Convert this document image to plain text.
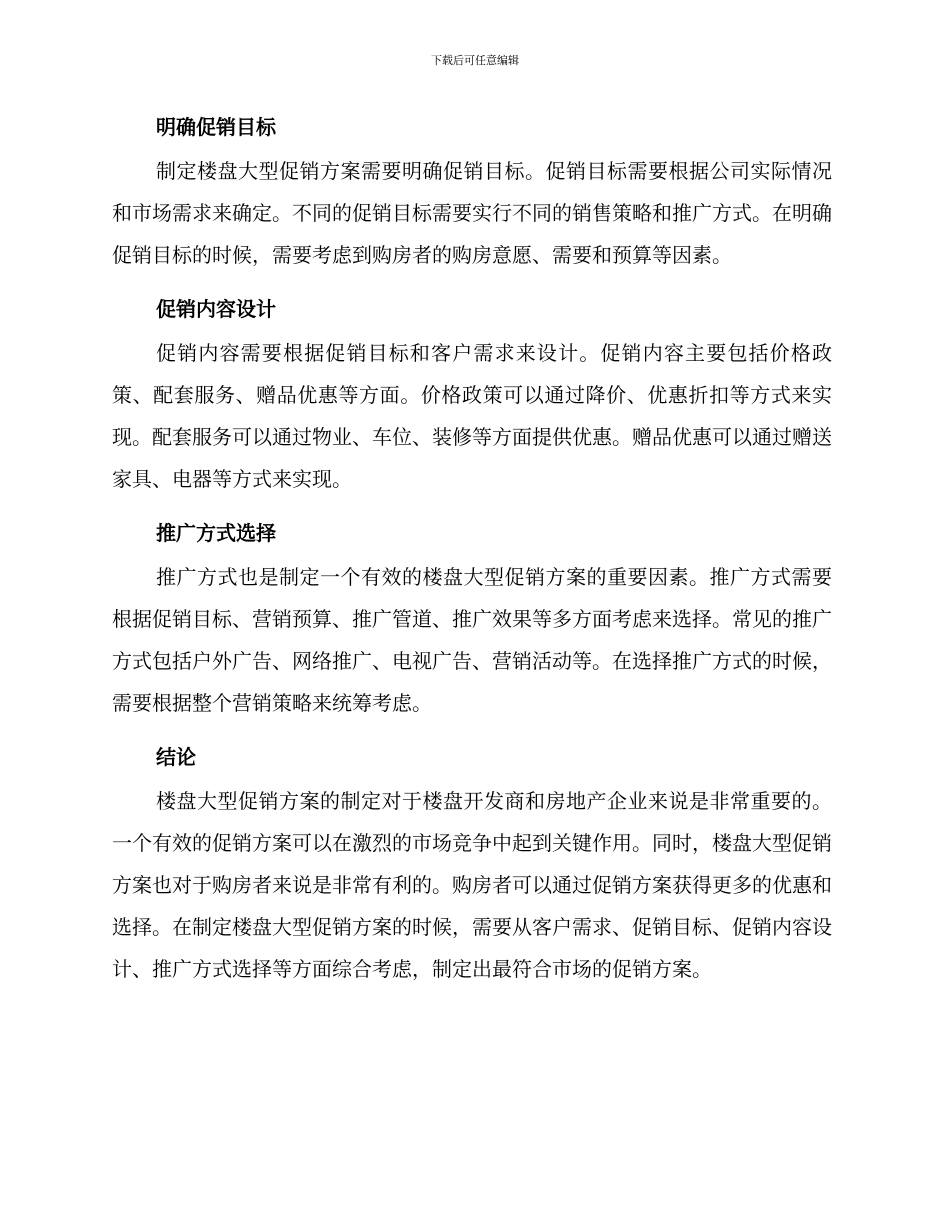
下载后可任意编辑
明确促销目标

制定楼盘大型促销方案需要明确促销目标。促销目标需要根据公司实际情况和市场需求来确定。不同的促销目标需要实行不同的销售策略和推广方式。在明确促销目标的时候，需要考虑到购房者的购房意愿、需要和预算等因素。

促销内容设计

促销内容需要根据促销目标和客户需求来设计。促销内容主要包括价格政策、配套服务、赠品优惠等方面。价格政策可以通过降价、优惠折扣等方式来实现。配套服务可以通过物业、车位、装修等方面提供优惠。赠品优惠可以通过赠送家具、电器等方式来实现。

推广方式选择

推广方式也是制定一个有效的楼盘大型促销方案的重要因素。推广方式需要根据促销目标、营销预算、推广管道、推广效果等多方面考虑来选择。常见的推广方式包括户外广告、网络推广、电视广告、营销活动等。在选择推广方式的时候，需要根据整个营销策略来统筹考虑。

结论

楼盘大型促销方案的制定对于楼盘开发商和房地产企业来说是非常重要的。一个有效的促销方案可以在激烈的市场竞争中起到关键作用。同时，楼盘大型促销方案也对于购房者来说是非常有利的。购房者可以通过促销方案获得更多的优惠和选择。在制定楼盘大型促销方案的时候，需要从客户需求、促销目标、促销内容设计、推广方式选择等方面综合考虑，制定出最符合市场的促销方案。
